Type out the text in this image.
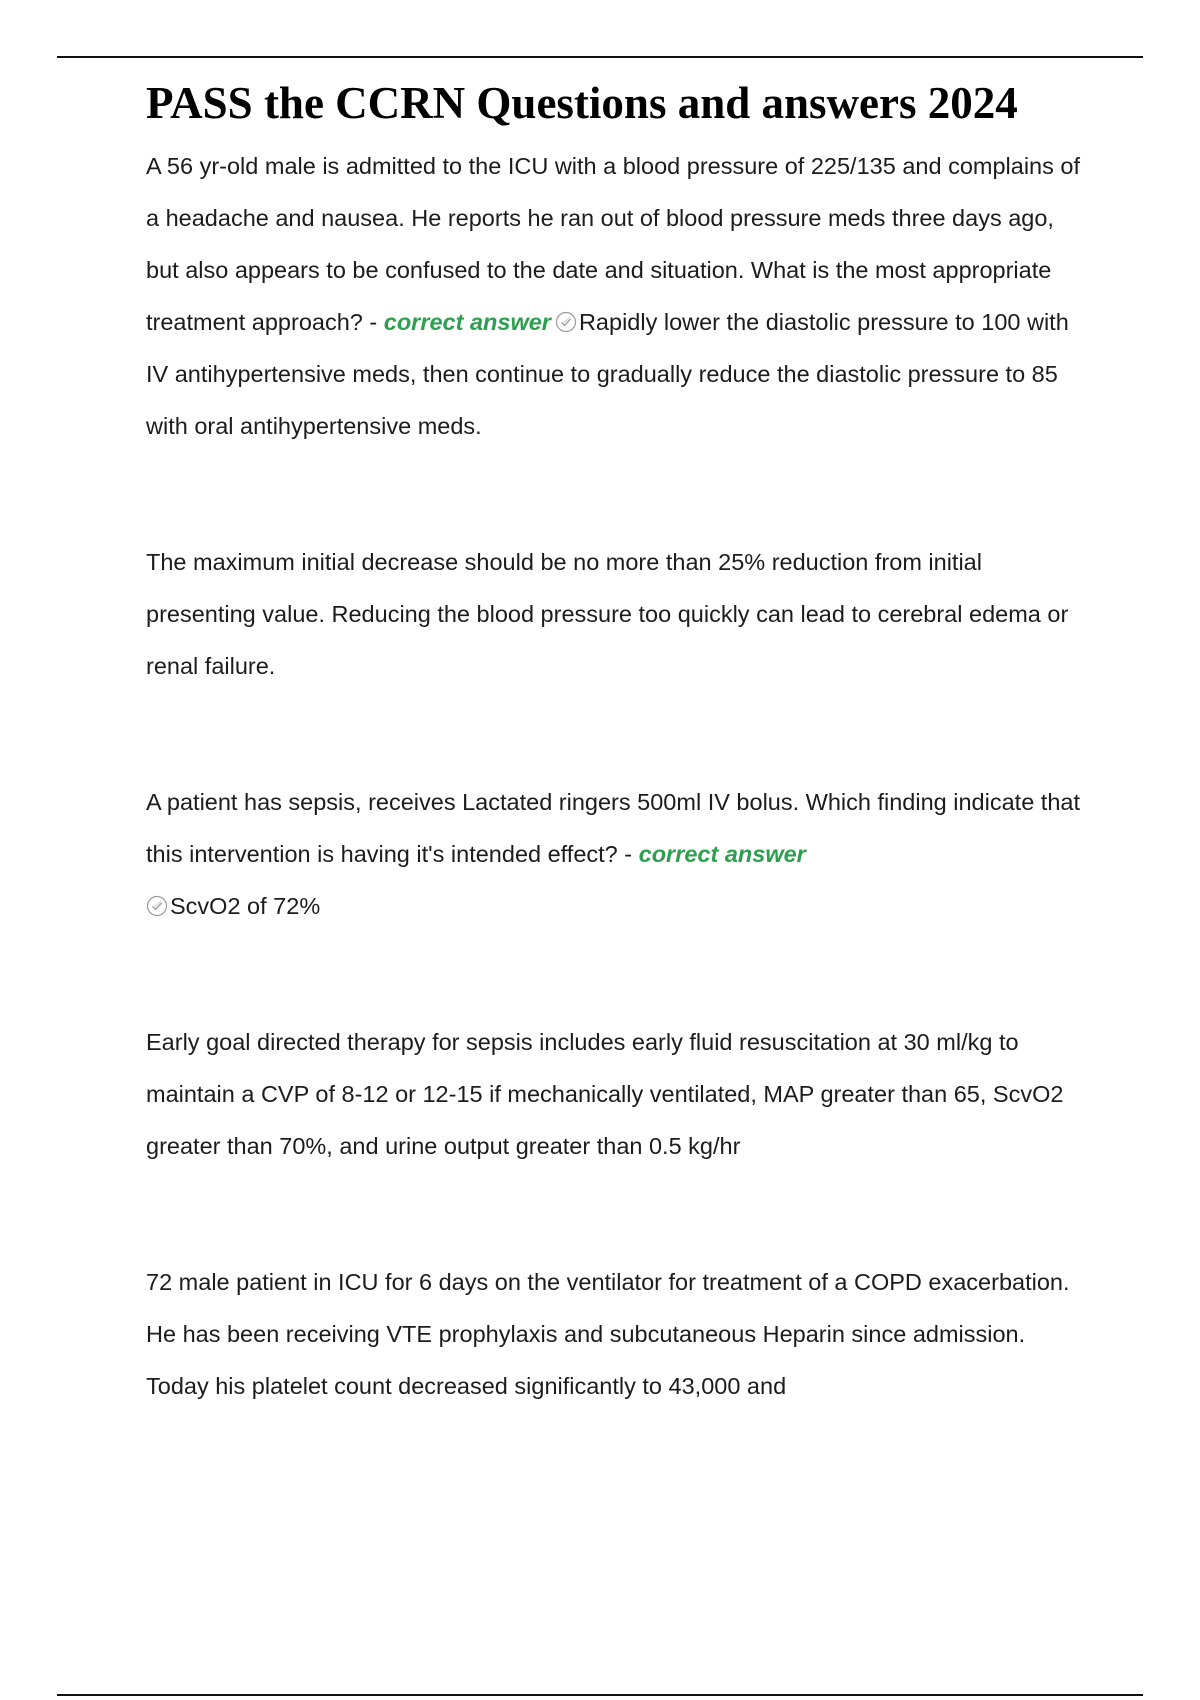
PASS the CCRN Questions and answers 2024

A 56 yr-old male is admitted to the ICU with a blood pressure of 225/135 and complains of a headache and nausea. He reports he ran out of blood pressure meds three days ago, but also appears to be confused to the date and situation. What is the most appropriate treatment approach? - correct answer Rapidly lower the diastolic pressure to 100 with IV antihypertensive meds, then continue to gradually reduce the diastolic pressure to 85 with oral antihypertensive meds.

The maximum initial decrease should be no more than 25% reduction from initial presenting value. Reducing the blood pressure too quickly can lead to cerebral edema or renal failure.

A patient has sepsis, receives Lactated ringers 500ml IV bolus. Which finding indicate that this intervention is having it's intended effect? - correct answer

ScvO2 of 72%

Early goal directed therapy for sepsis includes early fluid resuscitation at 30 ml/kg to maintain a CVP of 8-12 or 12-15 if mechanically ventilated, MAP greater than 65, ScvO2 greater than 70%, and urine output greater than 0.5 kg/hr

72 male patient in ICU for 6 days on the ventilator for treatment of a COPD exacerbation. He has been receiving VTE prophylaxis and subcutaneous Heparin since admission. Today his platelet count decreased significantly to 43,000 and
